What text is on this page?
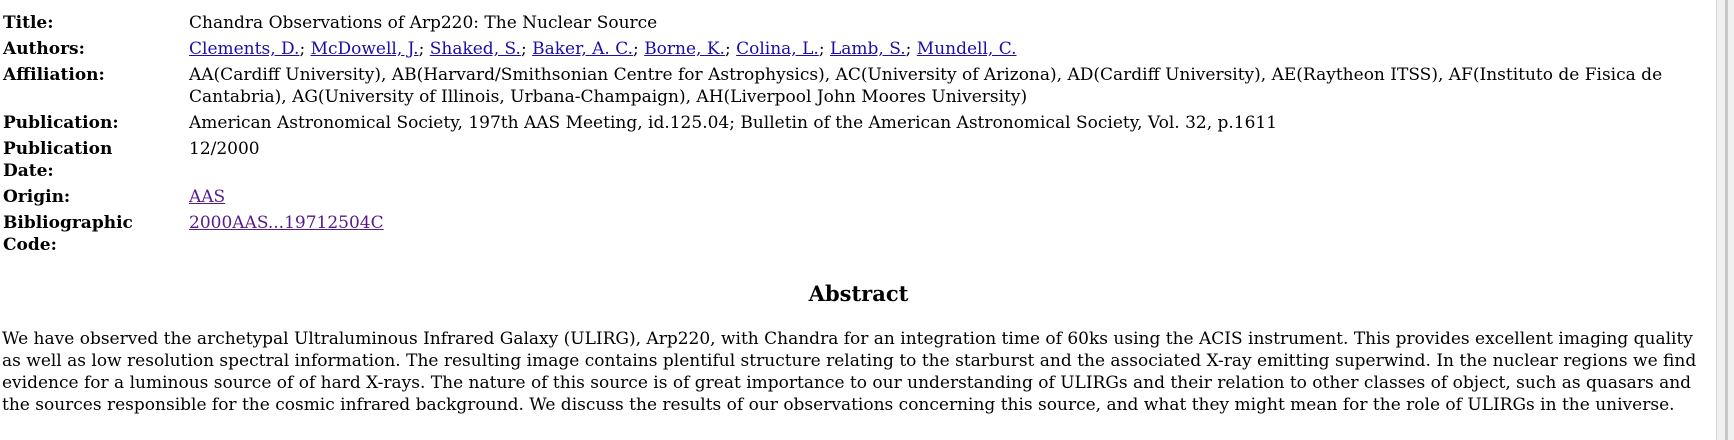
Title:	Chandra Observations of Arp220: The Nuclear Source
Authors:	Clements, D.; McDowell, J.; Shaked, S.; Baker, A. C.; Borne, K.; Colina, L.; Lamb, S.; Mundell, C.
Affiliation:	AA(Cardiff University), AB(Harvard/Smithsonian Centre for Astrophysics), AC(University of Arizona), AD(Cardiff University), AE(Raytheon ITSS), AF(Instituto de Fisica de Cantabria), AG(University of Illinois, Urbana-Champaign), AH(Liverpool John Moores University)
Publication:	American Astronomical Society, 197th AAS Meeting, id.125.04; Bulletin of the American Astronomical Society, Vol. 32, p.1611
Publication Date:	12/2000
Origin:	AAS
Bibliographic Code:	2000AAS...19712504C
Abstract
We have observed the archetypal Ultraluminous Infrared Galaxy (ULIRG), Arp220, with Chandra for an integration time of 60ks using the ACIS instrument. This provides excellent imaging quality as well as low resolution spectral information. The resulting image contains plentiful structure relating to the starburst and the associated X-ray emitting superwind. In the nuclear regions we find evidence for a luminous source of of hard X-rays. The nature of this source is of great importance to our understanding of ULIRGs and their relation to other classes of object, such as quasars and the sources responsible for the cosmic infrared background. We discuss the results of our observations concerning this source, and what they might mean for the role of ULIRGs in the universe.
